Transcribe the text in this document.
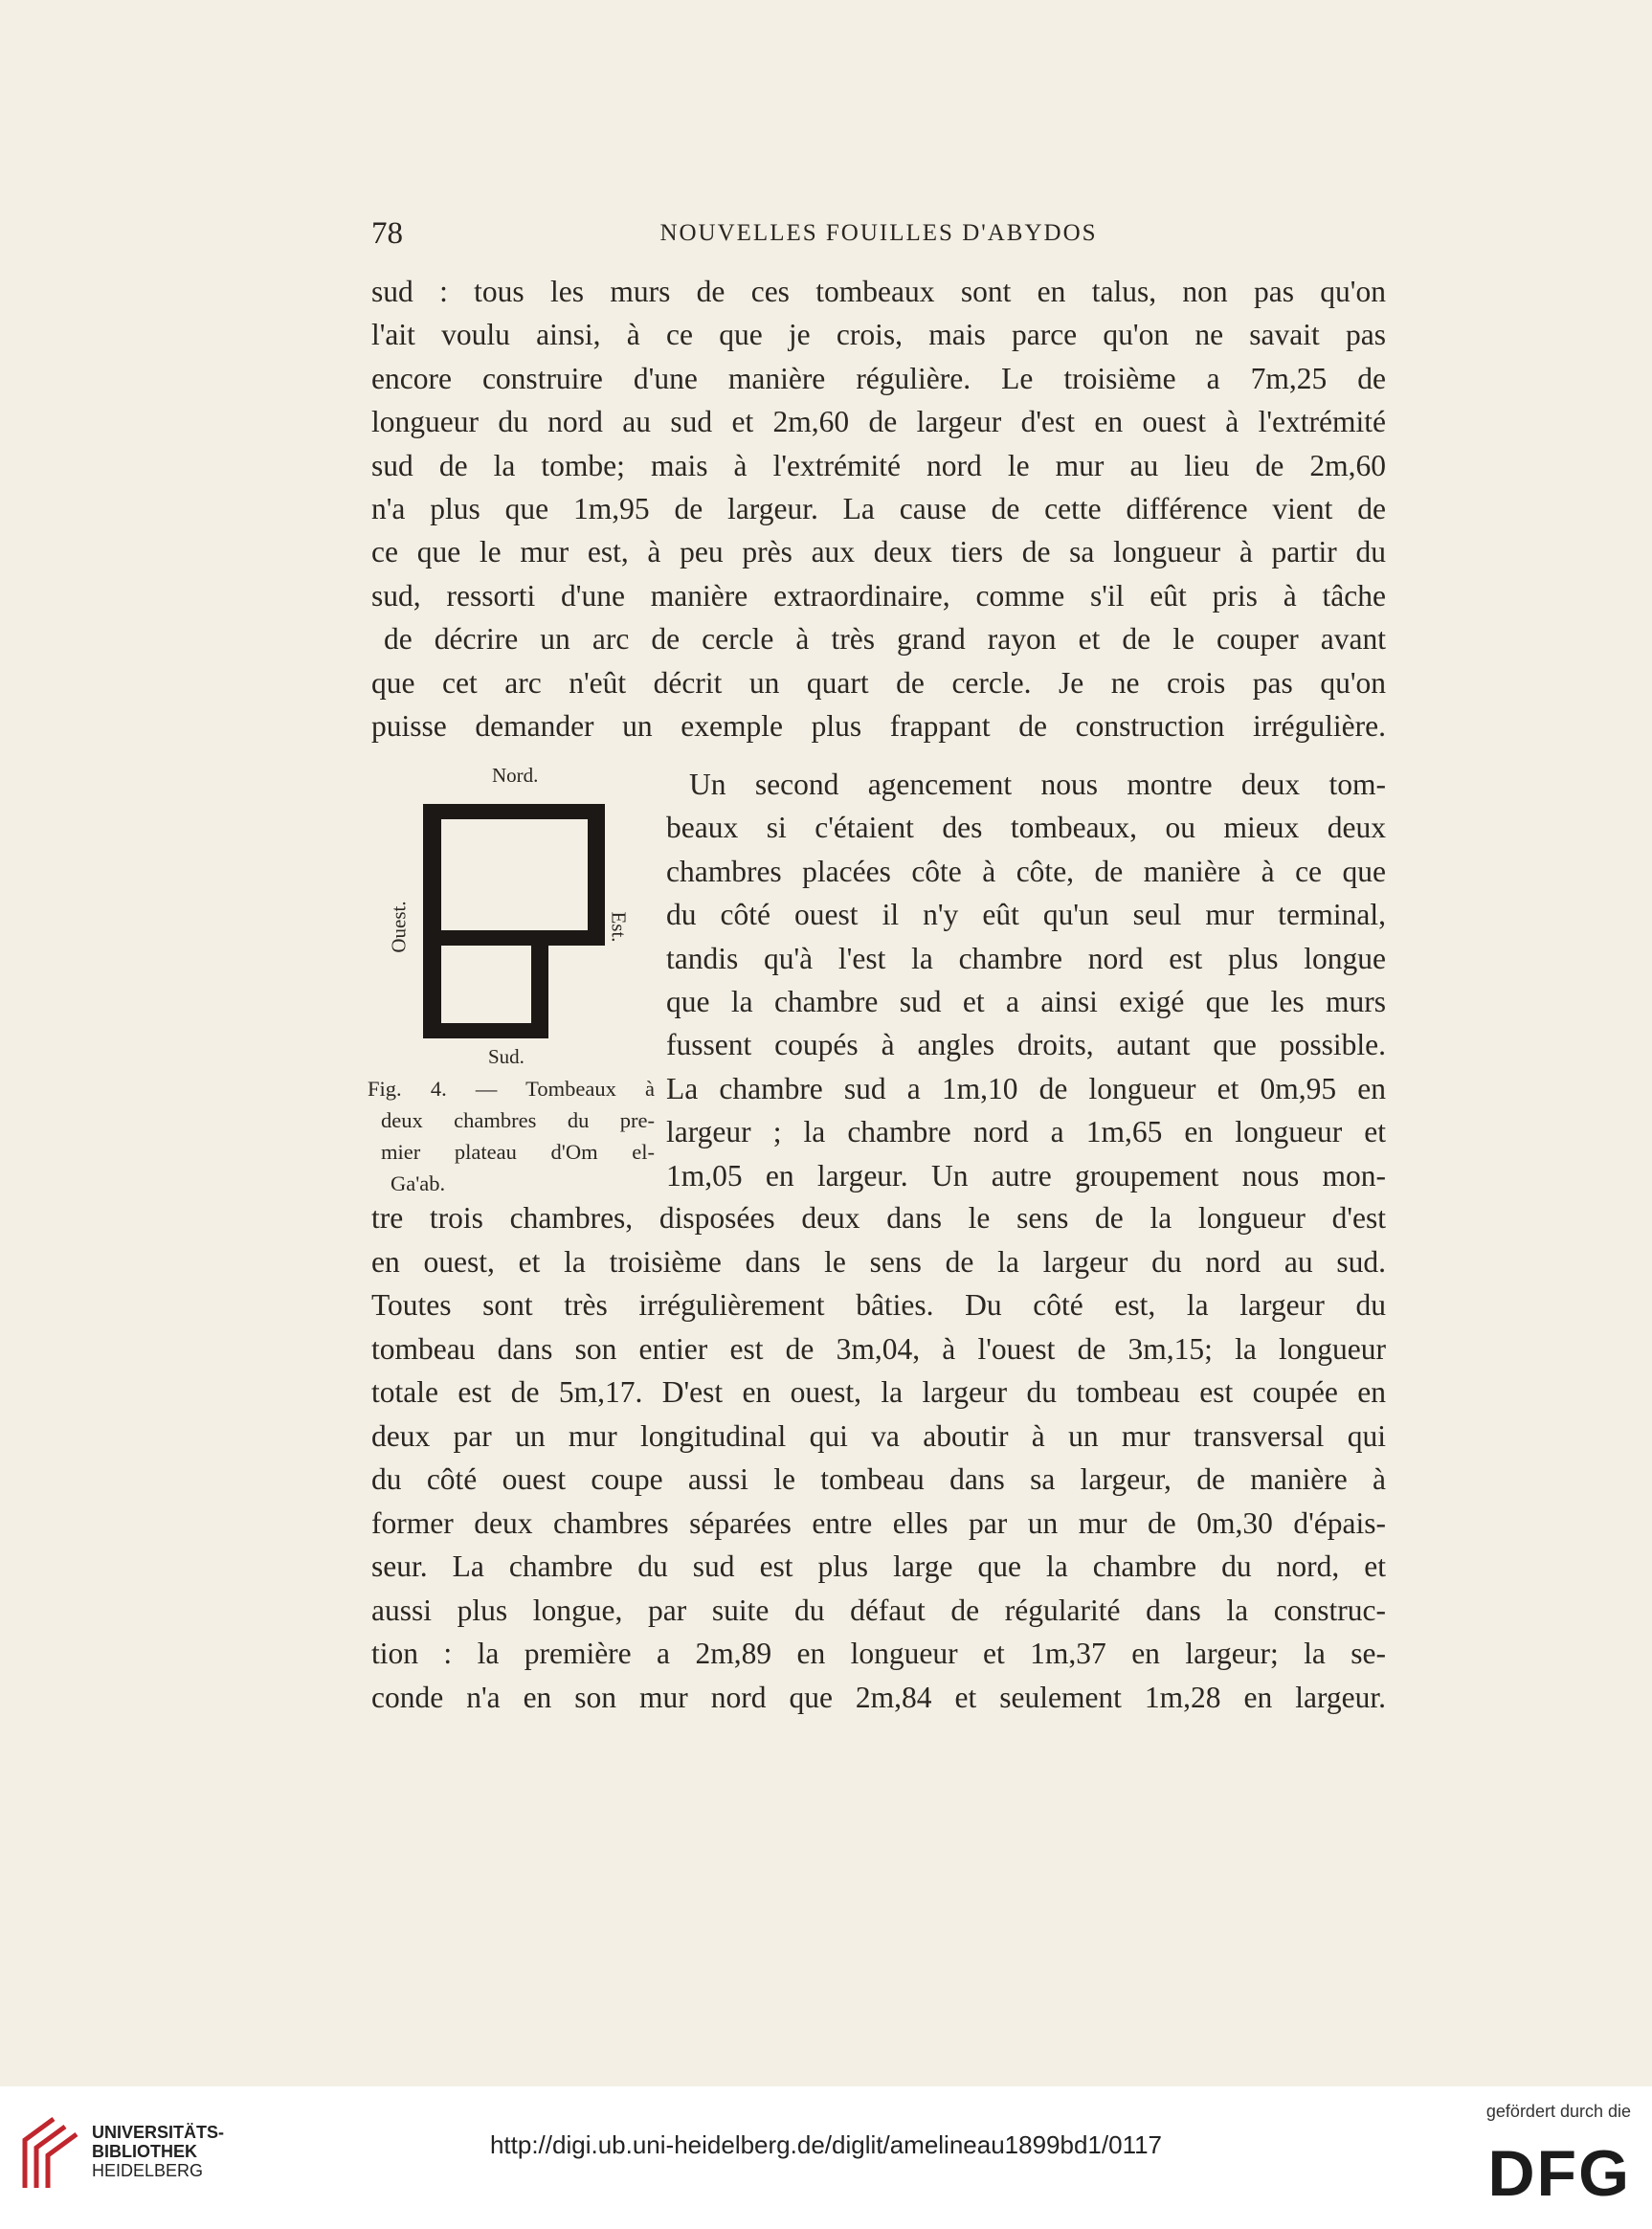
78	NOUVELLES FOUILLES D'ABYDOS
sud : tous les murs de ces tombeaux sont en talus, non pas qu'on
l'ait voulu ainsi, à ce que je crois, mais parce qu'on ne savait pas
encore construire d'une manière régulière. Le troisième a 7m,25 de
longueur du nord au sud et 2m,60 de largeur d'est en ouest à l'extrémité
sud de la tombe; mais à l'extrémité nord le mur au lieu de 2m,60
n'a plus que 1m,95 de largeur. La cause de cette différence vient de
ce que le mur est, à peu près aux deux tiers de sa longueur à partir du
sud, ressorti d'une manière extraordinaire, comme s'il eût pris à tâche
de décrire un arc de cercle à très grand rayon et de le couper avant
que cet arc n'eût décrit un quart de cercle. Je ne crois pas qu'on
puisse demander un exemple plus frappant de construction irrégulière.
Nord.
Ouest.	Est.
Sud.
Fig. 4. — Tombeaux à
deux chambres du pre-
mier plateau d'Om el-
Ga'ab.
Un second agencement nous montre deux tom-
beaux si c'étaient des tombeaux, ou mieux deux
chambres placées côte à côte, de manière à ce que
du côté ouest il n'y eût qu'un seul mur terminal,
tandis qu'à l'est la chambre nord est plus longue
que la chambre sud et a ainsi exigé que les murs
fussent coupés à angles droits, autant que possible.
La chambre sud a 1m,10 de longueur et 0m,95 en
largeur ; la chambre nord a 1m,65 en longueur et
1m,05 en largeur. Un autre groupement nous mon-
tre trois chambres, disposées deux dans le sens de la longueur d'est
en ouest, et la troisième dans le sens de la largeur du nord au sud.
Toutes sont très irrégulièrement bâties. Du côté est, la largeur du
tombeau dans son entier est de 3m,04, à l'ouest de 3m,15; la longueur
totale est de 5m,17. D'est en ouest, la largeur du tombeau est coupée en
deux par un mur longitudinal qui va aboutir à un mur transversal qui
du côté ouest coupe aussi le tombeau dans sa largeur, de manière à
former deux chambres séparées entre elles par un mur de 0m,30 d'épais-
seur. La chambre du sud est plus large que la chambre du nord, et
aussi plus longue, par suite du défaut de régularité dans la construc-
tion : la première a 2m,89 en longueur et 1m,37 en largeur; la se-
conde n'a en son mur nord que 2m,84 et seulement 1m,28 en largeur.
UNIVERSITÄTS-
BIBLIOTHEK
HEIDELBERG
http://digi.ub.uni-heidelberg.de/diglit/amelineau1899bd1/0117
gefördert durch die
DFG
